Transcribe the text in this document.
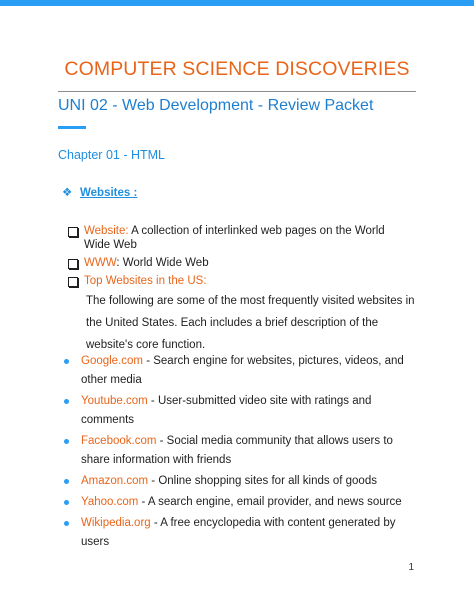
COMPUTER SCIENCE DISCOVERIES
UNI 02 - Web Development - Review Packet
Chapter 01 - HTML
❖ Websites :
Website: A collection of interlinked web pages on the World Wide Web
WWW: World Wide Web
Top Websites in the US:

The following are some of the most frequently visited websites in the United States. Each includes a brief description of the website's core function.

Google.com - Search engine for websites, pictures, videos, and other media
Youtube.com - User-submitted video site with ratings and comments
Facebook.com - Social media community that allows users to share information with friends
Amazon.com - Online shopping sites for all kinds of goods
Yahoo.com - A search engine, email provider, and news source
Wikipedia.org - A free encyclopedia with content generated by users
1
